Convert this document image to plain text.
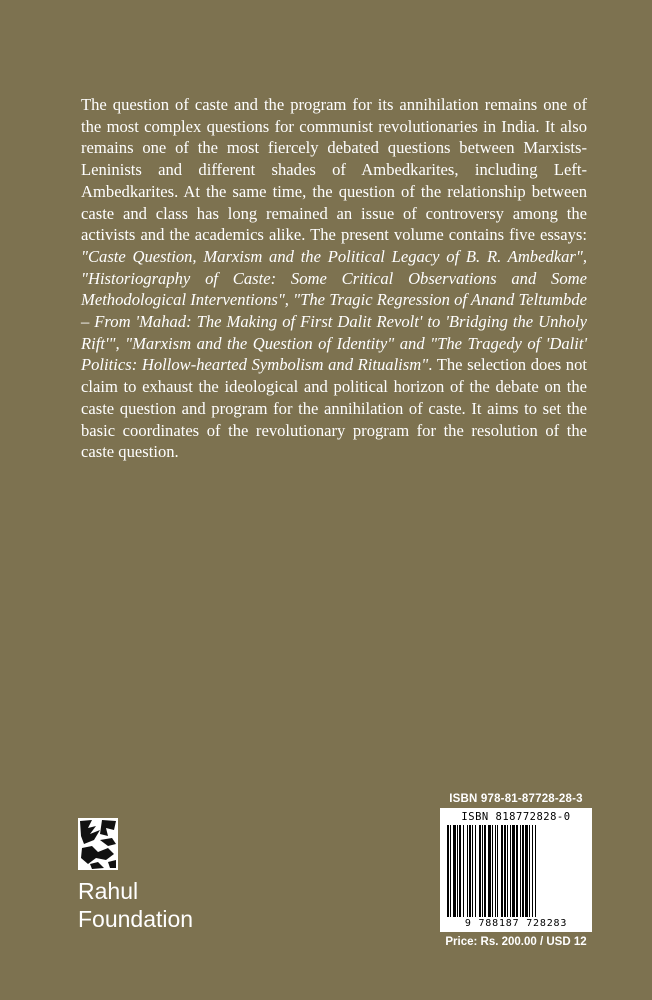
The question of caste and the program for its annihilation remains one of the most complex questions for communist revolutionaries in India. It also remains one of the most fiercely debated questions between Marxists-Leninists and different shades of Ambedkarites, including Left-Ambedkarites. At the same time, the question of the relationship between caste and class has long remained an issue of controversy among the activists and the academics alike. The present volume contains five essays: "Caste Question, Marxism and the Political Legacy of B. R. Ambedkar", "Historiography of Caste: Some Critical Observations and Some Methodological Interventions", "The Tragic Regression of Anand Teltumbde – From 'Mahad: The Making of First Dalit Revolt' to 'Bridging the Unholy Rift'", "Marxism and the Question of Identity" and "The Tragedy of 'Dalit' Politics: Hollow-hearted Symbolism and Ritualism". The selection does not claim to exhaust the ideological and political horizon of the debate on the caste question and program for the annihilation of caste. It aims to set the basic coordinates of the revolutionary program for the resolution of the caste question.

Rahul
Foundation
ISBN 978-81-87728-28-3
ISBN 818772828-0
9 788187 728283
Price: Rs. 200.00 / USD 12
